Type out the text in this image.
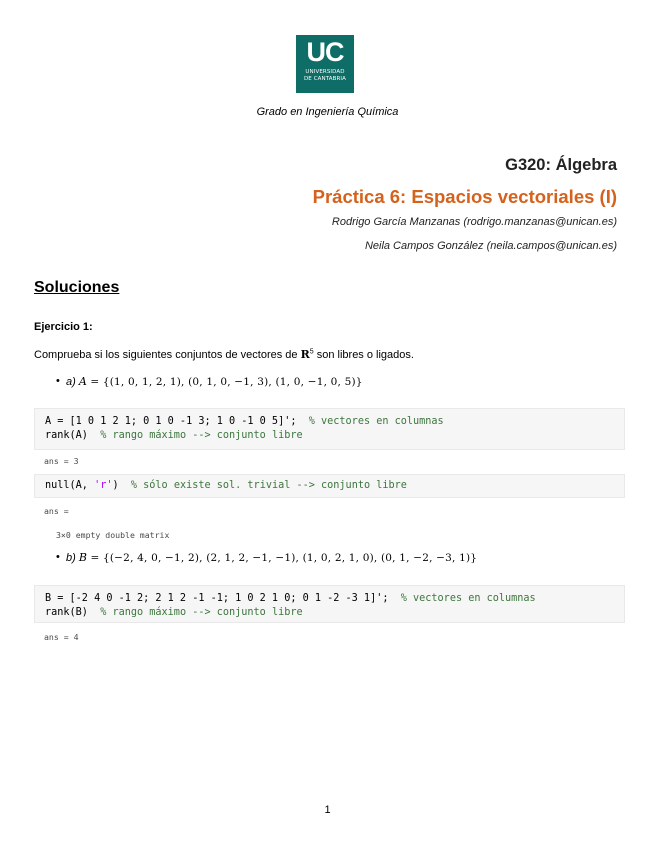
UC
UNIVERSIDAD
DE CANTABRIA
Grado en Ingeniería Química
G320: Álgebra
Práctica 6: Espacios vectoriales (I)
Rodrigo García Manzanas (rodrigo.manzanas@unican.es)
Neila Campos González (neila.campos@unican.es)
Soluciones
Ejercicio 1:
Comprueba si los siguientes conjuntos de vectores de $R^5$ son libres o ligados.
• a) A = {(1, 0, 1, 2, 1), (0, 1, 0, −1, 3), (1, 0, −1, 0, 5)}
A = [1 0 1 2 1; 0 1 0 -1 3; 1 0 -1 0 5]';  % vectores en columnas
rank(A)  % rango máximo --> conjunto libre
ans = 3
null(A, 'r')  % sólo existe sol. trivial --> conjunto libre
ans =
3×0 empty double matrix
• b) B = {(−2, 4, 0, −1, 2), (2, 1, 2, −1, −1), (1, 0, 2, 1, 0), (0, 1, −2, −3, 1)}
B = [-2 4 0 -1 2; 2 1 2 -1 -1; 1 0 2 1 0; 0 1 -2 -3 1]';  % vectores en columnas
rank(B)  % rango máximo --> conjunto libre
ans = 4
1
